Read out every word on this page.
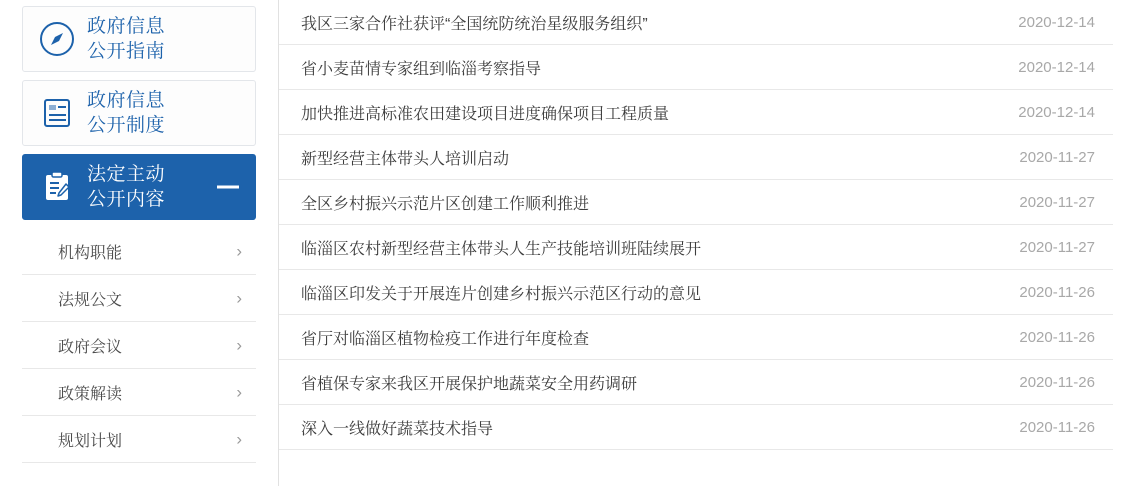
政府信息
公开指南
政府信息
公开制度
法定主动
公开内容
机构职能	›
法规公文	›
政府会议	›
政策解读	›
规划计划	›
我区三家合作社获评“全国统防统治星级服务组织”	2020-12-14
省小麦苗情专家组到临淄考察指导	2020-12-14
加快推进高标准农田建设项目进度确保项目工程质量	2020-12-14
新型经营主体带头人培训启动	2020-11-27
全区乡村振兴示范片区创建工作顺利推进	2020-11-27
临淄区农村新型经营主体带头人生产技能培训班陆续展开	2020-11-27
临淄区印发关于开展连片创建乡村振兴示范区行动的意见	2020-11-26
省厅对临淄区植物检疫工作进行年度检查	2020-11-26
省植保专家来我区开展保护地蔬菜安全用药调研	2020-11-26
深入一线做好蔬菜技术指导	2020-11-26
